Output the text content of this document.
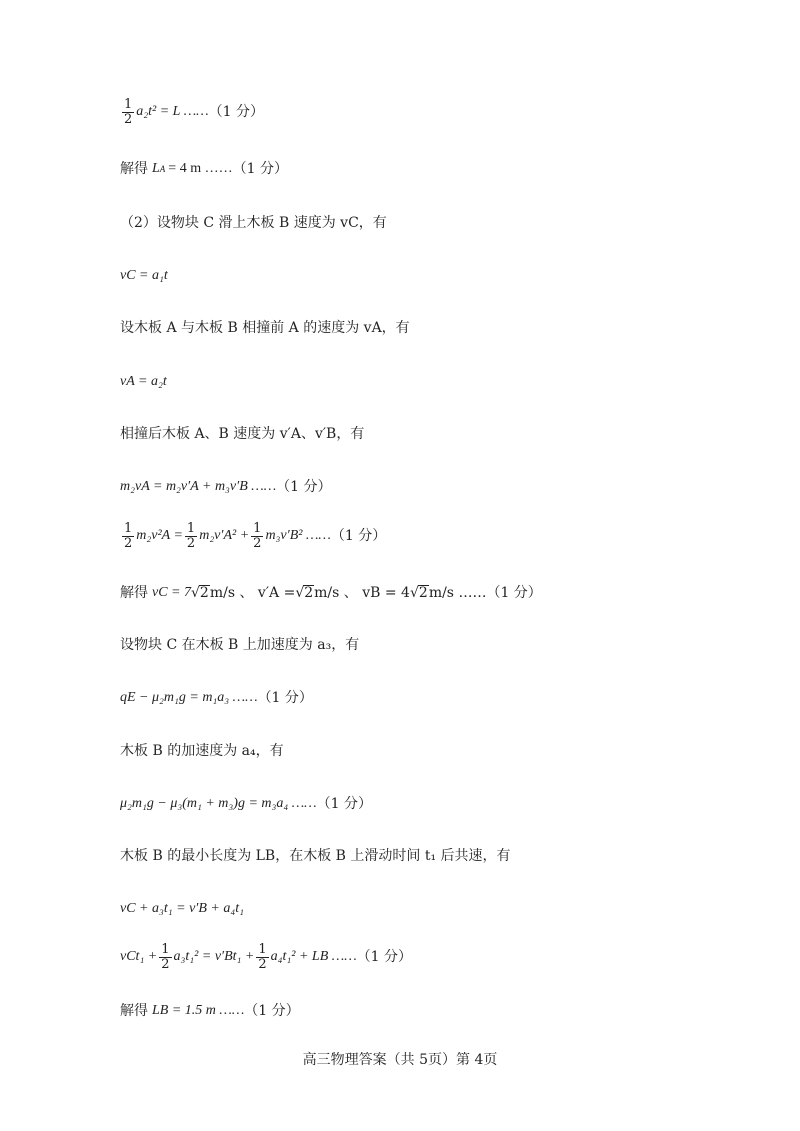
$\frac{1}{2} a_2t^2 = L$ …… （1 分）
解得 L A = 4 m …… （1 分）
（2）设物块 C 滑上木板 B 速度为 vC，有
vC = a₁t
设木板 A 与木板 B 相撞前 A 的速度为 vA，有
vA = a₂t
相撞后木板 A、B 速度为 v′A、v′B，有
m₂vA = m₂v′A + m₃v′B …… （1 分）
$\frac{1}{2} m_2v^2A = \frac{1}{2} m_2v'A^2 + \frac{1}{2} m_3v'B^2$ …… （1 分）
解得 vC = 7 √ 2 m/s 、 v′A = √ 2 m/s 、 vB = 4 √ 2 m/s …… （1 分）
设物块 C 在木板 B 上加速度为 a₃，有
qE − μ₂m₁g = m₁a₃ …… （1 分）
木板 B 的加速度为 a₄，有
μ₂m₁g − μ₃(m₁ + m₃)g = m₃a₄ …… （1 分）
木板 B 的最小长度为 LB，在木板 B 上滑动时间 t₁ 后共速，有
vC + a₃t₁ = v′B + a₄t₁
$vCt_1 + \frac{1}{2} a_3t_1^2 = v'Bt_1 + \frac{1}{2} a_4t_1^2$ + LB …… （1 分）
解得 LB = 1.5 m …… （1 分）
高三物理答案（共 5页）第 4页
